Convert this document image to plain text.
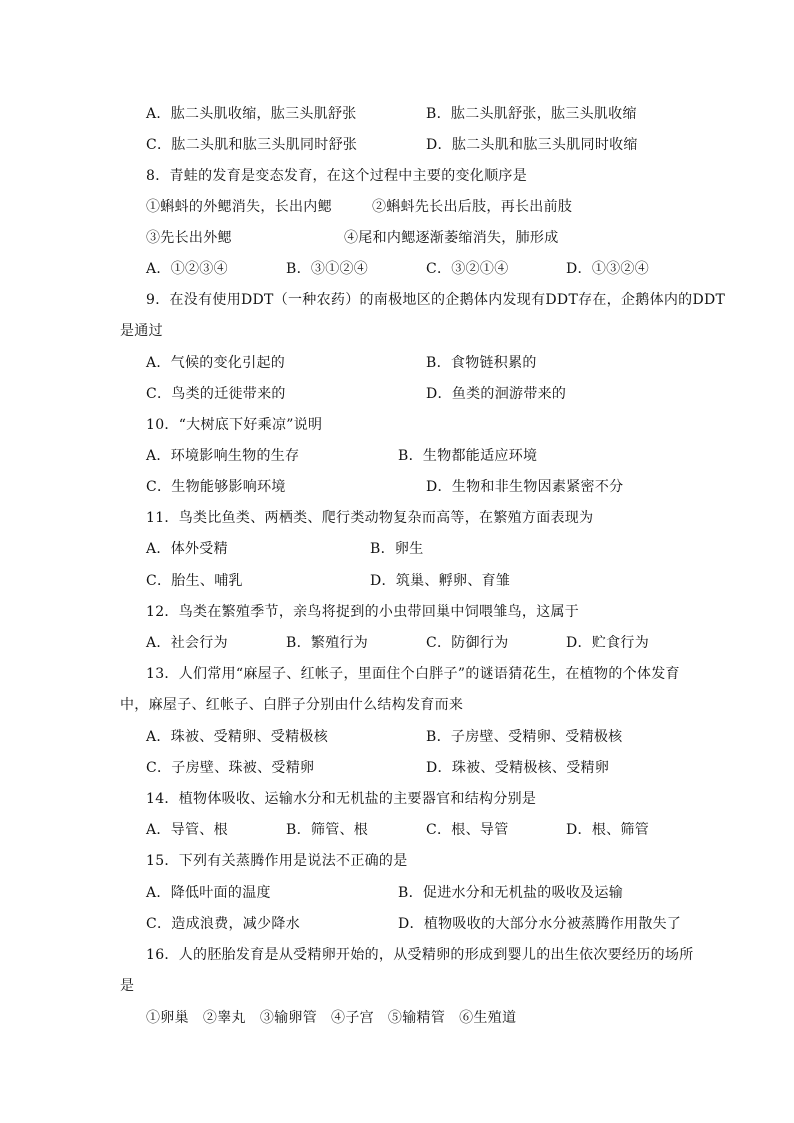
A．肱二头肌收缩，肱三头肌舒张	B．肱二头肌舒张，肱三头肌收缩
C．肱二头肌和肱三头肌同时舒张	D．肱二头肌和肱三头肌同时收缩
8．青蛙的发育是变态发育，在这个过程中主要的变化顺序是
①蝌蚪的外鳃消失，长出内鳃	②蝌蚪先长出后肢，再长出前肢
③先长出外鳃	④尾和内鳃逐渐萎缩消失，肺形成
A．①②③④	B．③①②④	C．③②①④	D．①③②④
9．在没有使用DDT（一种农药）的南极地区的企鹅体内发现有DDT存在，企鹅体内的DDT
是通过
A．气候的变化引起的	B．食物链积累的
C．鸟类的迁徙带来的	D．鱼类的洄游带来的
10．“大树底下好乘凉”说明
A．环境影响生物的生存	B．生物都能适应环境
C．生物能够影响环境	D．生物和非生物因素紧密不分
11．鸟类比鱼类、两栖类、爬行类动物复杂而高等，在繁殖方面表现为
A．体外受精	B．卵生
C．胎生、哺乳	D．筑巢、孵卵、育雏
12．鸟类在繁殖季节，亲鸟将捉到的小虫带回巢中饲喂雏鸟，这属于
A．社会行为	B．繁殖行为	C．防御行为	D．贮食行为
13．人们常用“麻屋子、红帐子，里面住个白胖子”的谜语猜花生，在植物的个体发育
中，麻屋子、红帐子、白胖子分别由什么结构发育而来
A．珠被、受精卵、受精极核	B．子房壁、受精卵、受精极核
C．子房壁、珠被、受精卵	D．珠被、受精极核、受精卵
14．植物体吸收、运输水分和无机盐的主要器官和结构分别是
A．导管、根	B．筛管、根	C．根、导管	D．根、筛管
15．下列有关蒸腾作用是说法不正确的是
A．降低叶面的温度	B．促进水分和无机盐的吸收及运输
C．造成浪费，减少降水	D．植物吸收的大部分水分被蒸腾作用散失了
16．人的胚胎发育是从受精卵开始的，从受精卵的形成到婴儿的出生依次要经历的场所
是
①卵巢 ②睾丸 ③输卵管 ④子宫 ⑤输精管 ⑥生殖道
